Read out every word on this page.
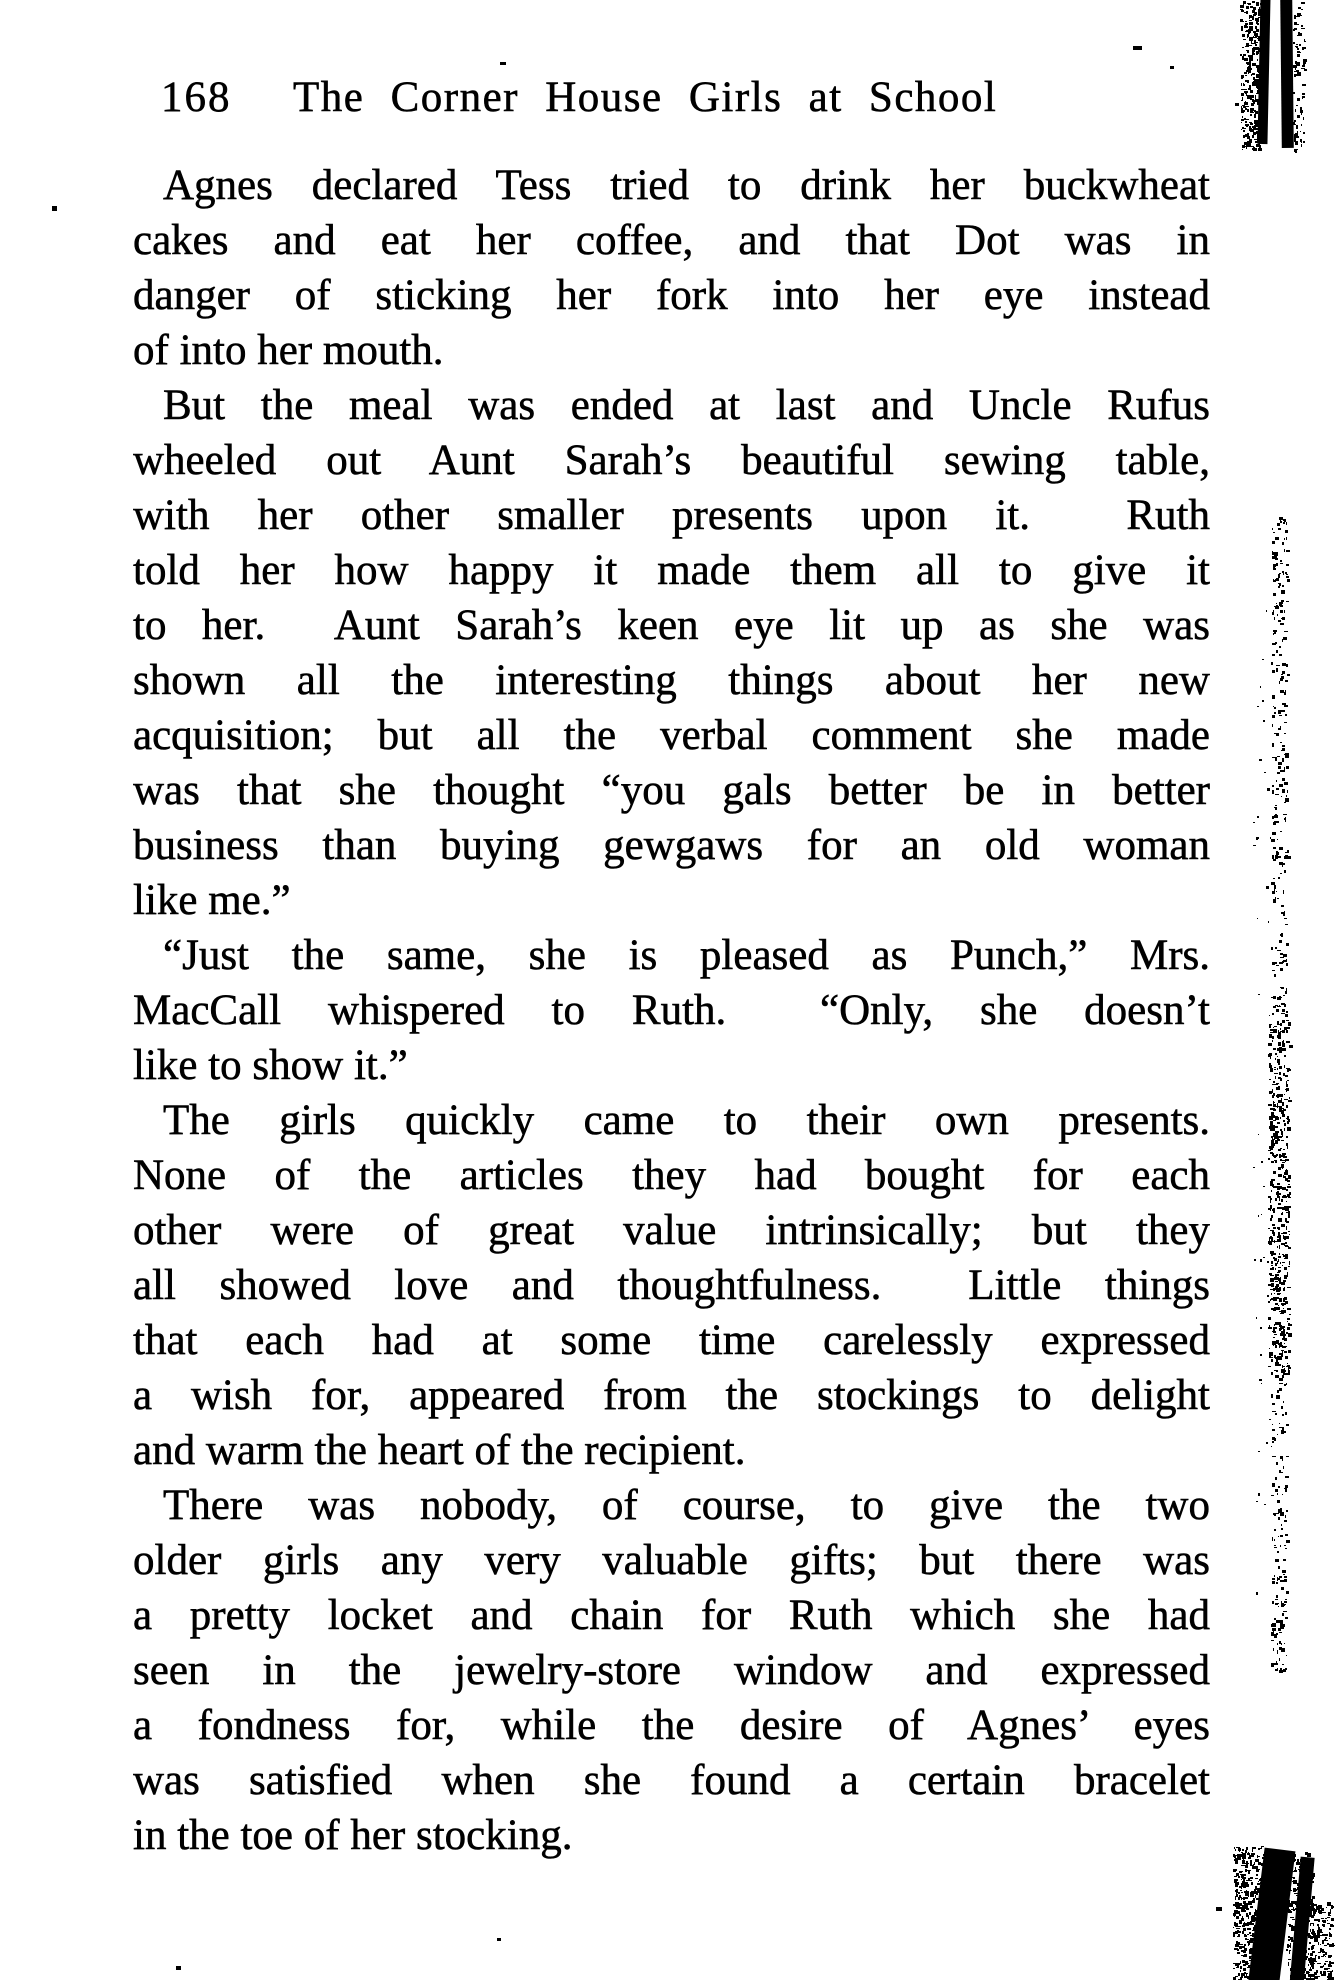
168

The Corner House Girls at School

Agnes declared Tess tried to drink her buckwheat
cakes and eat her coffee, and that Dot was in
danger of sticking her fork into her eye instead
of into her mouth.
But the meal was ended at last and Uncle Rufus
wheeled out Aunt Sarah’s beautiful sewing table,
with her other smaller presents upon it.  Ruth
told her how happy it made them all to give it
to her.  Aunt Sarah’s keen eye lit up as she was
shown all the interesting things about her new
acquisition; but all the verbal comment she made
was that she thought “you gals better be in better
business than buying gewgaws for an old woman
like me.”
“Just the same, she is pleased as Punch,” Mrs.
MacCall whispered to Ruth.  “Only, she doesn’t
like to show it.”
The girls quickly came to their own presents.
None of the articles they had bought for each
other were of great value intrinsically; but they
all showed love and thoughtfulness.  Little things
that each had at some time carelessly expressed
a wish for, appeared from the stockings to delight
and warm the heart of the recipient.
There was nobody, of course, to give the two
older girls any very valuable gifts; but there was
a pretty locket and chain for Ruth which she had
seen in the jewelry-store window and expressed
a fondness for, while the desire of Agnes’ eyes
was satisfied when she found a certain bracelet
in the toe of her stocking.
